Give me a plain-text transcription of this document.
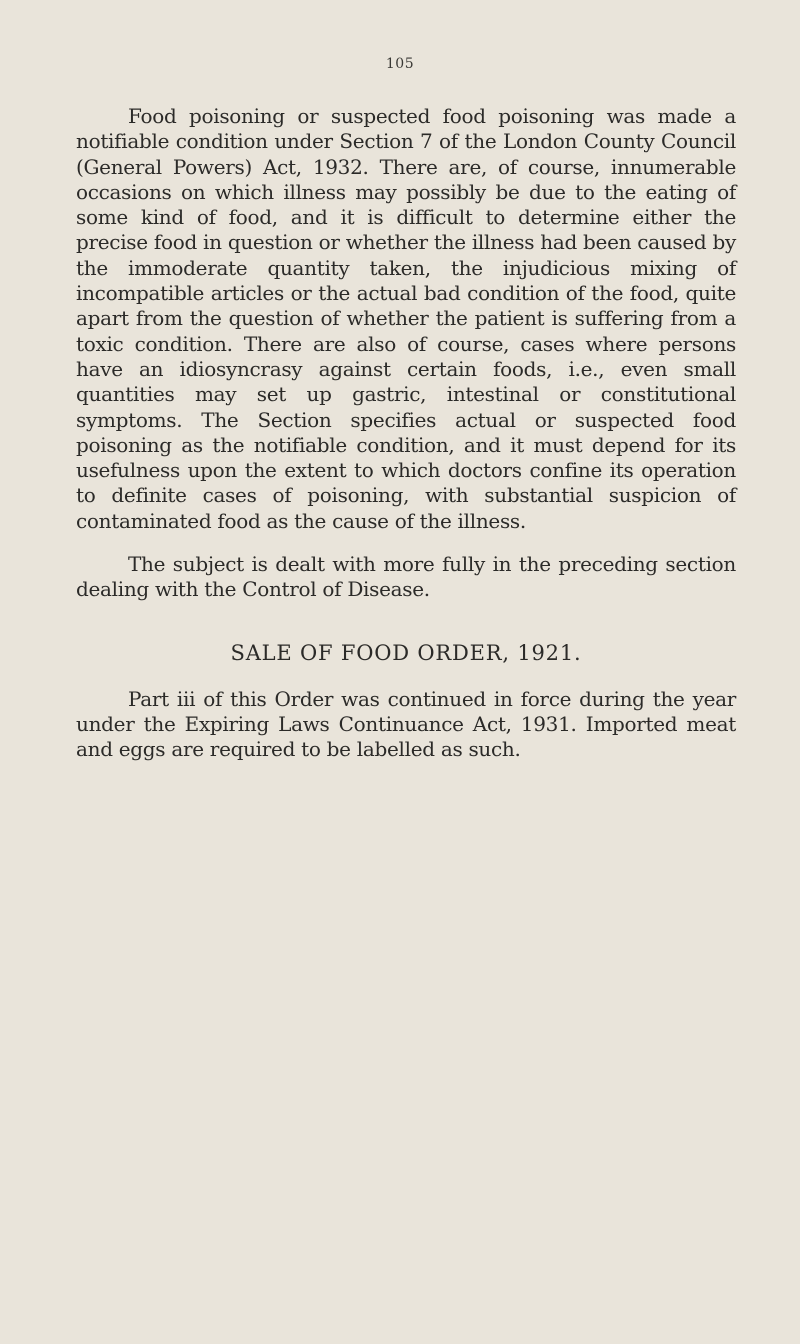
105

Food poisoning or suspected food poisoning was made a notifiable condition under Section 7 of the London County Council (General Powers) Act, 1932. There are, of course, innumerable occasions on which illness may possibly be due to the eating of some kind of food, and it is difficult to determine either the precise food in question or whether the illness had been caused by the immoderate quantity taken, the injudicious mixing of incompatible articles or the actual bad condition of the food, quite apart from the question of whether the patient is suffering from a toxic condition. There are also of course, cases where persons have an idiosyncrasy against certain foods, i.e., even small quantities may set up gastric, intestinal or constitutional symptoms. The Section specifies actual or suspected food poisoning as the notifiable condition, and it must depend for its usefulness upon the extent to which doctors confine its operation to definite cases of poisoning, with substantial suspicion of contaminated food as the cause of the illness.

The subject is dealt with more fully in the preceding section dealing with the Control of Disease.

SALE OF FOOD ORDER, 1921.

Part iii of this Order was continued in force during the year under the Expiring Laws Continuance Act, 1931. Imported meat and eggs are required to be labelled as such.
